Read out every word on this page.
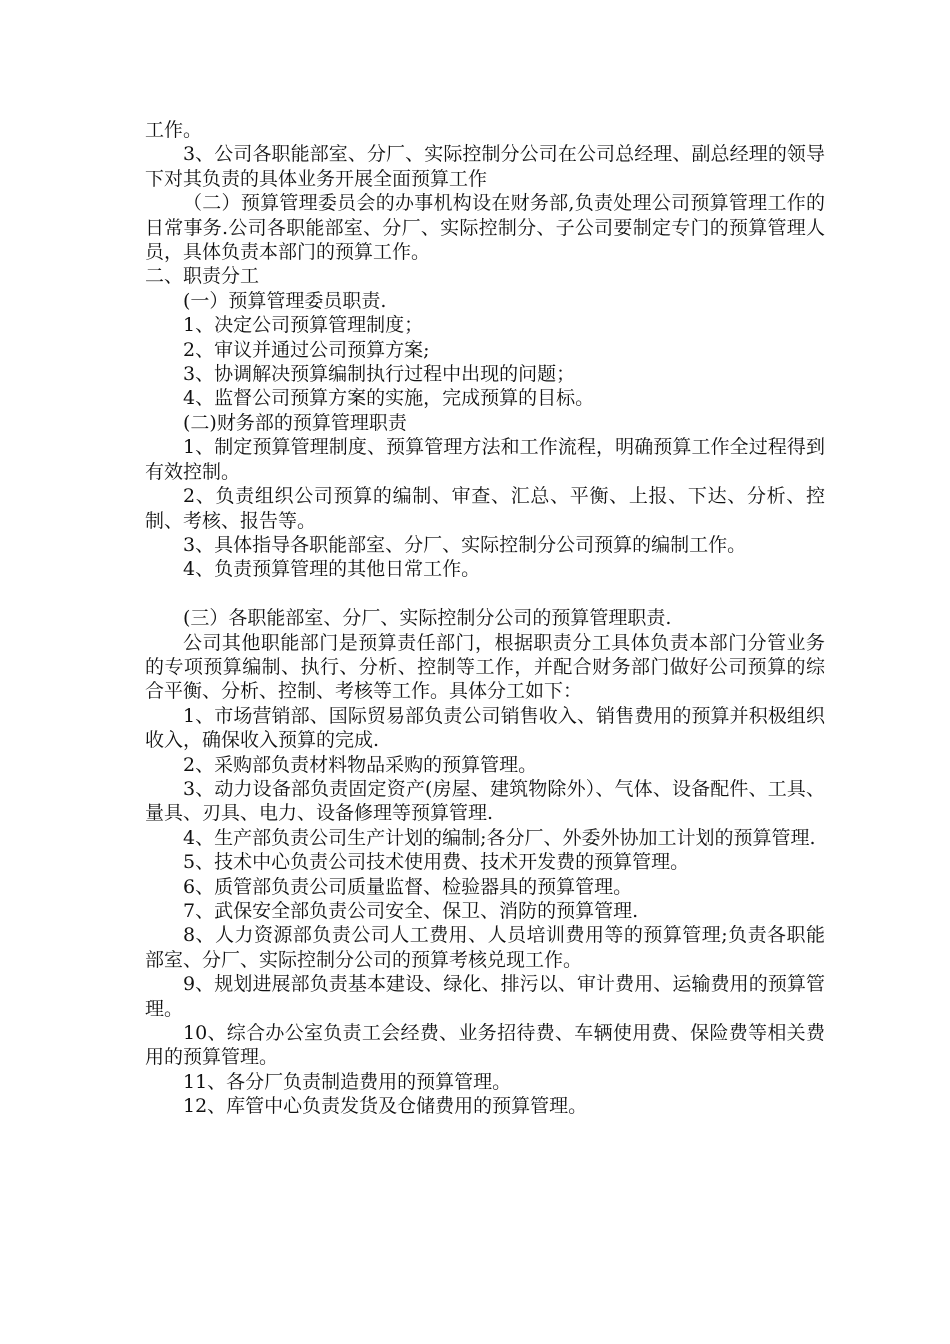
工作。

3、公司各职能部室、分厂、实际控制分公司在公司总经理、副总经理的领导下对其负责的具体业务开展全面预算工作

（二）预算管理委员会的办事机构设在财务部,负责处理公司预算管理工作的日常事务.公司各职能部室、分厂、实际控制分、子公司要制定专门的预算管理人员，具体负责本部门的预算工作。

二、职责分工

(一）预算管理委员职责.

1、决定公司预算管理制度；

2、审议并通过公司预算方案;

3、协调解决预算编制执行过程中出现的问题；

4、监督公司预算方案的实施，完成预算的目标。

(二)财务部的预算管理职责

1、制定预算管理制度、预算管理方法和工作流程，明确预算工作全过程得到有效控制。

2、负责组织公司预算的编制、审查、汇总、平衡、上报、下达、分析、控制、考核、报告等。

3、具体指导各职能部室、分厂、实际控制分公司预算的编制工作。

4、负责预算管理的其他日常工作。

(三）各职能部室、分厂、实际控制分公司的预算管理职责.

公司其他职能部门是预算责任部门，根据职责分工具体负责本部门分管业务的专项预算编制、执行、分析、控制等工作，并配合财务部门做好公司预算的综合平衡、分析、控制、考核等工作。具体分工如下：

1、市场营销部、国际贸易部负责公司销售收入、销售费用的预算并积极组织收入，确保收入预算的完成.

2、采购部负责材料物品采购的预算管理。

3、动力设备部负责固定资产(房屋、建筑物除外）、气体、设备配件、工具、量具、刃具、电力、设备修理等预算管理.

4、生产部负责公司生产计划的编制;各分厂、外委外协加工计划的预算管理.

5、技术中心负责公司技术使用费、技术开发费的预算管理。

6、质管部负责公司质量监督、检验器具的预算管理。

7、武保安全部负责公司安全、保卫、消防的预算管理.

8、人力资源部负责公司人工费用、人员培训费用等的预算管理;负责各职能部室、分厂、实际控制分公司的预算考核兑现工作。

9、规划进展部负责基本建设、绿化、排污以、审计费用、运输费用的预算管理。

10、综合办公室负责工会经费、业务招待费、车辆使用费、保险费等相关费用的预算管理。

11、各分厂负责制造费用的预算管理。

12、库管中心负责发货及仓储费用的预算管理。
